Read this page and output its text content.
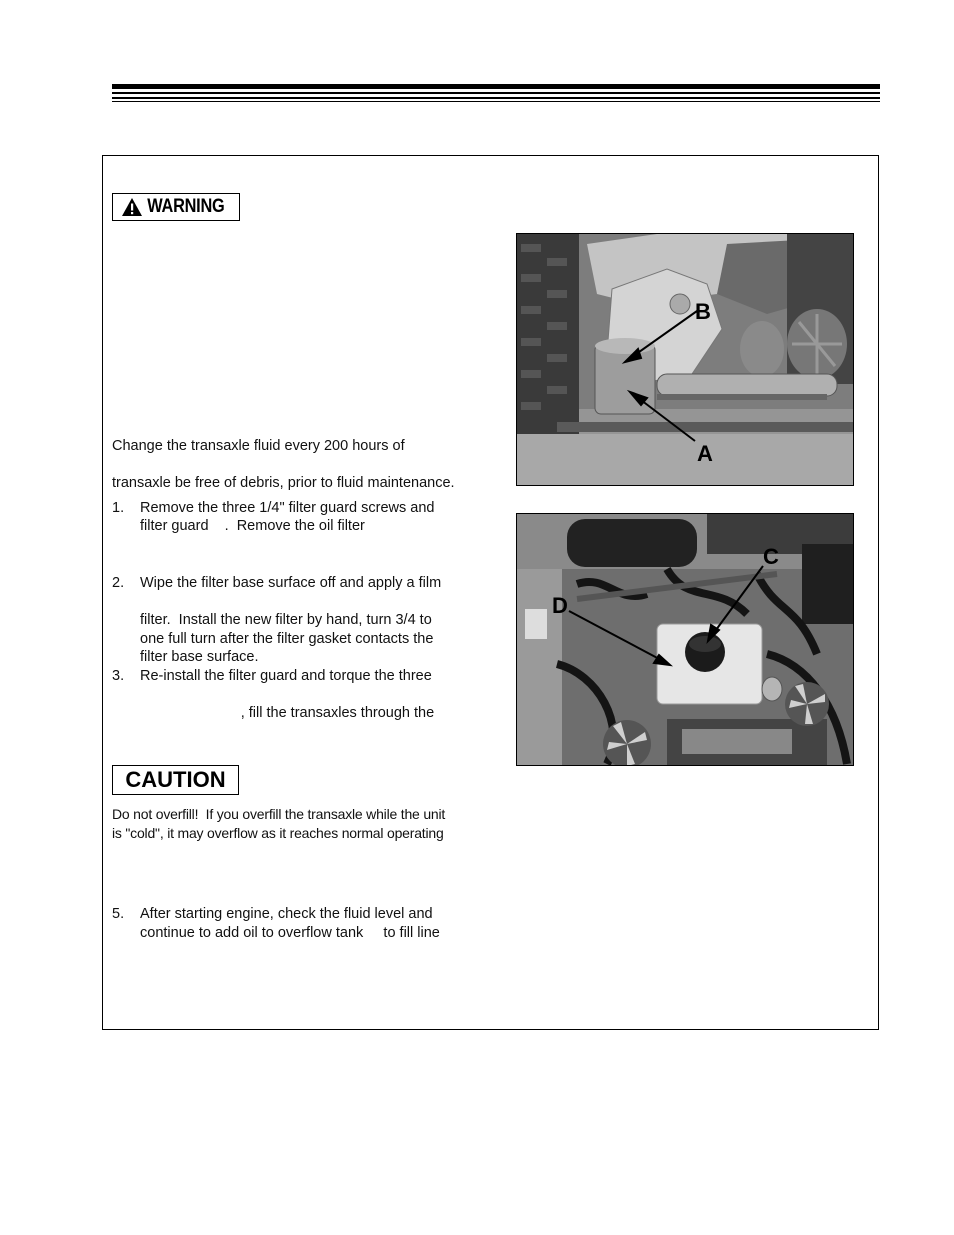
WARNING
Change the transaxle fluid every 200 hours of
transaxle be free of debris, prior to fluid maintenance.
1. Remove the three 1/4" filter guard screws and
filter guard    .  Remove the oil filter
2. Wipe the filter base surface off and apply a film
filter.  Install the new filter by hand, turn 3/4 to
one full turn after the filter gasket contacts the
filter base surface.
3. Re-install the filter guard and torque the three
, fill the transaxles through the
CAUTION
Do not overfill!  If you overfill the transaxle while the unit
is "cold", it may overflow as it reaches normal operating
5. After starting engine, check the fluid level and
continue to add oil to overflow tank     to fill line
B
A
C
D
